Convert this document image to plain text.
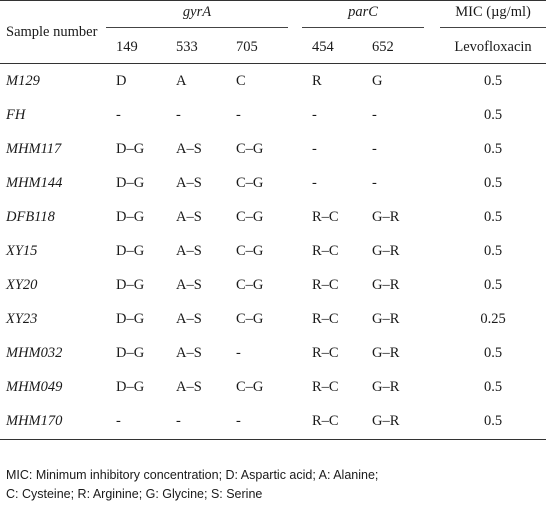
Sample number	gyrA				parC			MIC (µg/ml)

	149	533	705		454	652		Levofloxacin
M129	D	A	C		R	G		0.5
FH	-	-	-		-	-		0.5
MHM117	D–G	A–S	C–G		-	-		0.5
MHM144	D–G	A–S	C–G		-	-		0.5
DFB118	D–G	A–S	C–G		R–C	G–R		0.5
XY15	D–G	A–S	C–G		R–C	G–R		0.5
XY20	D–G	A–S	C–G		R–C	G–R		0.5
XY23	D–G	A–S	C–G		R–C	G–R		0.25
MHM032	D–G	A–S	-		R–C	G–R		0.5
MHM049	D–G	A–S	C–G		R–C	G–R		0.5
MHM170	-	-	-		R–C	G–R		0.5
MIC: Minimum inhibitory concentration; D: Aspartic acid; A: Alanine;
C: Cysteine; R: Arginine; G: Glycine; S: Serine
